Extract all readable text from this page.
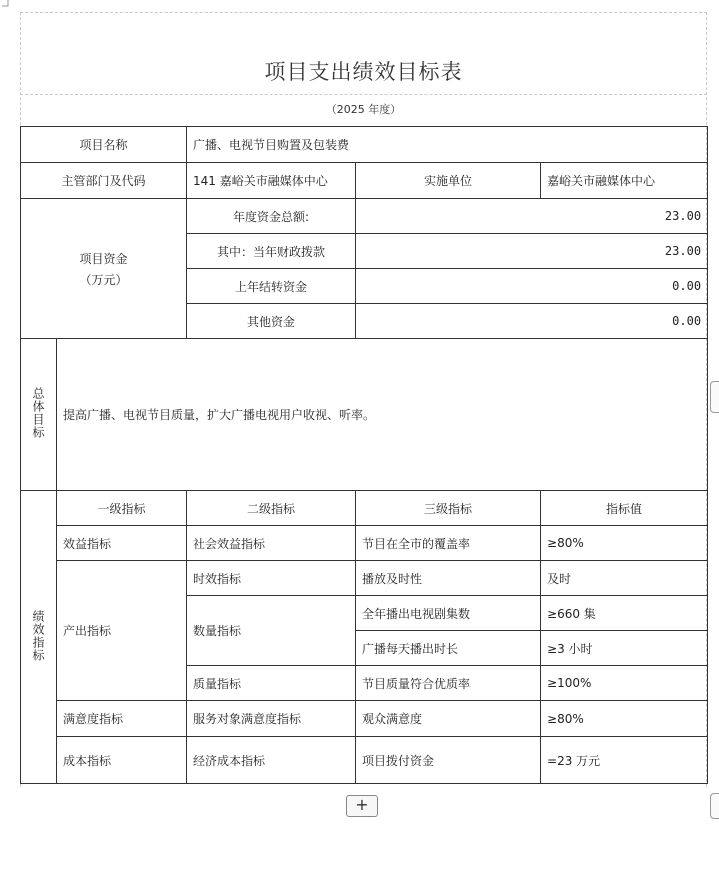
项目支出绩效目标表
（2025 年度）
项目名称		广播、电视节目购置及包装费		
主管部门及代码		141 嘉峪关市融媒体中心	实施单位	嘉峪关市融媒体中心

项目资金
（万元）		年度资金总额:	23.00	
		其中：当年财政拨款	23.00	
		上年结转资金	0.00	
		其他资金	0.00	
总体目标	提高广播、电视节目质量，扩大广播电视用户收视、听率。			
绩效指标	一级指标	二级指标	三级指标	指标值
	效益指标	社会效益指标	节目在全市的覆盖率	≥80%
	产出指标	时效指标	播放及时性	及时
		数量指标	全年播出电视剧集数	≥660 集
			广播每天播出时长	≥3 小时
		质量指标	节目质量符合优质率	≥100%
	满意度指标	服务对象满意度指标	观众满意度	≥80%
	成本指标	经济成本指标	项目拨付资金	=23 万元
+
